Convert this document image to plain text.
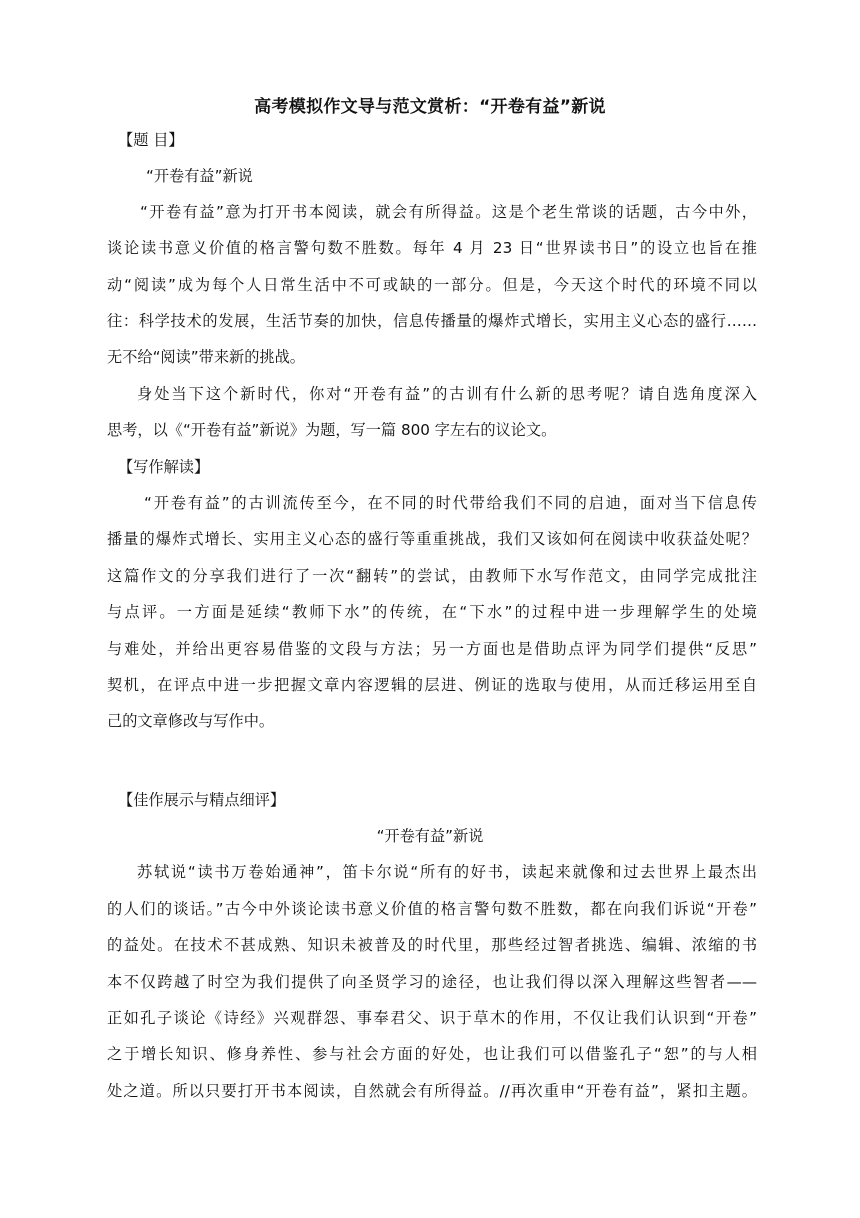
高考模拟作文导与范文赏析：“开卷有益”新说
【题 目】
“开卷有益”新说
“开卷有益”意为打开书本阅读，就会有所得益。这是个老生常谈的话题，古今中外，
谈论读书意义价值的格言警句数不胜数。每年 4 月 23 日“世界读书日”的设立也旨在推
动“阅读”成为每个人日常生活中不可或缺的一部分。但是，今天这个时代的环境不同以
往：科学技术的发展，生活节奏的加快，信息传播量的爆炸式增长，实用主义心态的盛行……
无不给“阅读”带来新的挑战。
身处当下这个新时代，你对“开卷有益”的古训有什么新的思考呢？请自选角度深入
思考，以《“开卷有益”新说》为题，写一篇 800 字左右的议论文。
【写作解读】
“开卷有益”的古训流传至今，在不同的时代带给我们不同的启迪，面对当下信息传
播量的爆炸式增长、实用主义心态的盛行等重重挑战，我们又该如何在阅读中收获益处呢？
这篇作文的分享我们进行了一次“翻转”的尝试，由教师下水写作范文，由同学完成批注
与点评。一方面是延续“教师下水”的传统，在“下水”的过程中进一步理解学生的处境
与难处，并给出更容易借鉴的文段与方法；另一方面也是借助点评为同学们提供“反思”
契机，在评点中进一步把握文章内容逻辑的层进、例证的选取与使用，从而迁移运用至自
己的文章修改与写作中。
【佳作展示与精点细评】
“开卷有益”新说
苏轼说“读书万卷始通神”，笛卡尔说“所有的好书，读起来就像和过去世界上最杰出
的人们的谈话。”古今中外谈论读书意义价值的格言警句数不胜数，都在向我们诉说“开卷”
的益处。在技术不甚成熟、知识未被普及的时代里，那些经过智者挑选、编辑、浓缩的书
本不仅跨越了时空为我们提供了向圣贤学习的途径，也让我们得以深入理解这些智者——
正如孔子谈论《诗经》兴观群怨、事奉君父、识于草木的作用，不仅让我们认识到“开卷”
之于增长知识、修身养性、参与社会方面的好处，也让我们可以借鉴孔子“恕”的与人相
处之道。所以只要打开书本阅读，自然就会有所得益。//再次重申“开卷有益”，紧扣主题。
